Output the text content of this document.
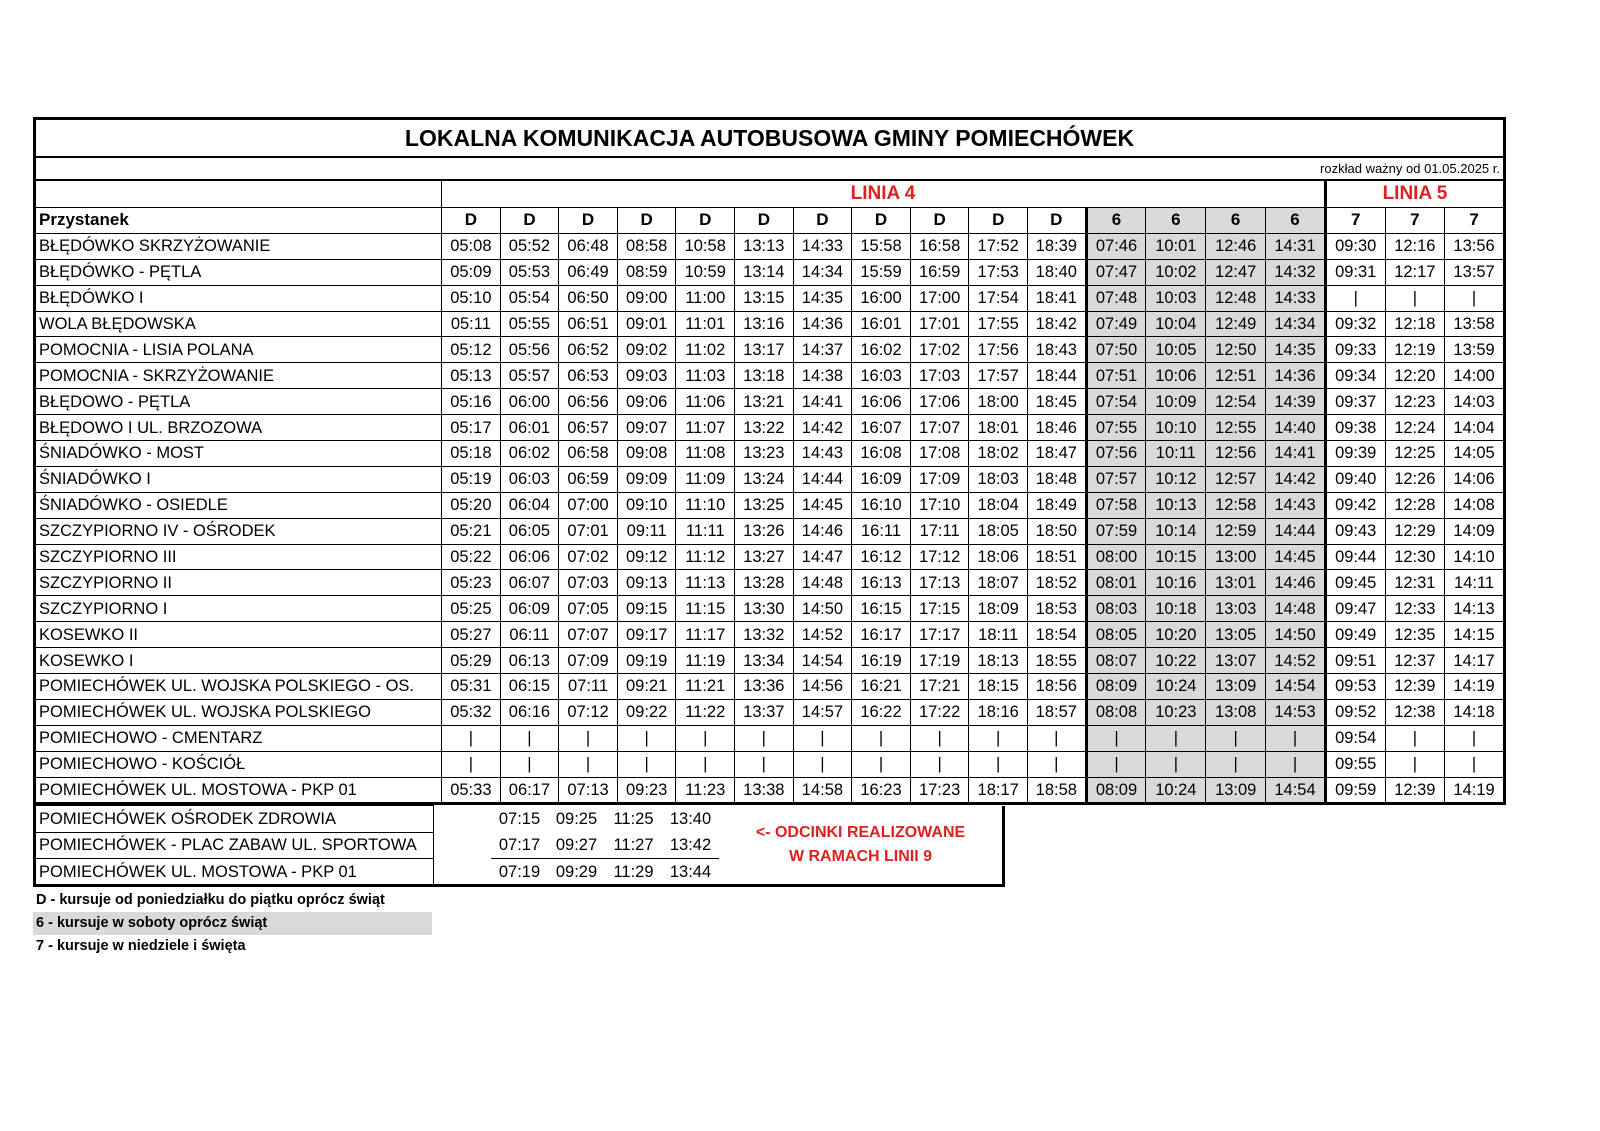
LOKALNA KOMUNIKACJA AUTOBUSOWA GMINY POMIECHÓWEK																		
rozkład ważny od 01.05.2025 r.																		
	LINIA 4															LINIA 5		
Przystanek	D	D	D	D	D	D	D	D	D	D	D	6	6	6	6	7	7	7
BŁĘDÓWKO SKRZYŻOWANIE	05:08	05:52	06:48	08:58	10:58	13:13	14:33	15:58	16:58	17:52	18:39	07:46	10:01	12:46	14:31	09:30	12:16	13:56
BŁĘDÓWKO - PĘTLA	05:09	05:53	06:49	08:59	10:59	13:14	14:34	15:59	16:59	17:53	18:40	07:47	10:02	12:47	14:32	09:31	12:17	13:57
BŁĘDÓWKO I	05:10	05:54	06:50	09:00	11:00	13:15	14:35	16:00	17:00	17:54	18:41	07:48	10:03	12:48	14:33	|	|	|
WOLA BŁĘDOWSKA	05:11	05:55	06:51	09:01	11:01	13:16	14:36	16:01	17:01	17:55	18:42	07:49	10:04	12:49	14:34	09:32	12:18	13:58
POMOCNIA - LISIA POLANA	05:12	05:56	06:52	09:02	11:02	13:17	14:37	16:02	17:02	17:56	18:43	07:50	10:05	12:50	14:35	09:33	12:19	13:59
POMOCNIA - SKRZYŻOWANIE	05:13	05:57	06:53	09:03	11:03	13:18	14:38	16:03	17:03	17:57	18:44	07:51	10:06	12:51	14:36	09:34	12:20	14:00
BŁĘDOWO - PĘTLA	05:16	06:00	06:56	09:06	11:06	13:21	14:41	16:06	17:06	18:00	18:45	07:54	10:09	12:54	14:39	09:37	12:23	14:03
BŁĘDOWO I UL. BRZOZOWA	05:17	06:01	06:57	09:07	11:07	13:22	14:42	16:07	17:07	18:01	18:46	07:55	10:10	12:55	14:40	09:38	12:24	14:04
ŚNIADÓWKO - MOST	05:18	06:02	06:58	09:08	11:08	13:23	14:43	16:08	17:08	18:02	18:47	07:56	10:11	12:56	14:41	09:39	12:25	14:05
ŚNIADÓWKO I	05:19	06:03	06:59	09:09	11:09	13:24	14:44	16:09	17:09	18:03	18:48	07:57	10:12	12:57	14:42	09:40	12:26	14:06
ŚNIADÓWKO - OSIEDLE	05:20	06:04	07:00	09:10	11:10	13:25	14:45	16:10	17:10	18:04	18:49	07:58	10:13	12:58	14:43	09:42	12:28	14:08
SZCZYPIORNO IV - OŚRODEK	05:21	06:05	07:01	09:11	11:11	13:26	14:46	16:11	17:11	18:05	18:50	07:59	10:14	12:59	14:44	09:43	12:29	14:09
SZCZYPIORNO III	05:22	06:06	07:02	09:12	11:12	13:27	14:47	16:12	17:12	18:06	18:51	08:00	10:15	13:00	14:45	09:44	12:30	14:10
SZCZYPIORNO II	05:23	06:07	07:03	09:13	11:13	13:28	14:48	16:13	17:13	18:07	18:52	08:01	10:16	13:01	14:46	09:45	12:31	14:11
SZCZYPIORNO I	05:25	06:09	07:05	09:15	11:15	13:30	14:50	16:15	17:15	18:09	18:53	08:03	10:18	13:03	14:48	09:47	12:33	14:13
KOSEWKO II	05:27	06:11	07:07	09:17	11:17	13:32	14:52	16:17	17:17	18:11	18:54	08:05	10:20	13:05	14:50	09:49	12:35	14:15
KOSEWKO I	05:29	06:13	07:09	09:19	11:19	13:34	14:54	16:19	17:19	18:13	18:55	08:07	10:22	13:07	14:52	09:51	12:37	14:17
POMIECHÓWEK UL. WOJSKA POLSKIEGO - OS.	05:31	06:15	07:11	09:21	11:21	13:36	14:56	16:21	17:21	18:15	18:56	08:09	10:24	13:09	14:54	09:53	12:39	14:19
POMIECHÓWEK UL. WOJSKA POLSKIEGO	05:32	06:16	07:12	09:22	11:22	13:37	14:57	16:22	17:22	18:16	18:57	08:08	10:23	13:08	14:53	09:52	12:38	14:18
POMIECHOWO - CMENTARZ	|	|	|	|	|	|	|	|	|	|	|	|	|	|	|	09:54	|	|
POMIECHOWO - KOŚCIÓŁ	|	|	|	|	|	|	|	|	|	|	|	|	|	|	|	09:55	|	|
POMIECHÓWEK UL. MOSTOWA - PKP 01	05:33	06:17	07:13	09:23	11:23	13:38	14:58	16:23	17:23	18:17	18:58	08:09	10:24	13:09	14:54	09:59	12:39	14:19
POMIECHÓWEK OŚRODEK ZDROWIA		07:15	09:25	11:25	13:40	<- ODCINKI REALIZOWANE
W RAMACH LINII 9
POMIECHÓWEK - PLAC ZABAW UL. SPORTOWA		07:17	09:27	11:27	13:42	
POMIECHÓWEK UL. MOSTOWA - PKP 01		07:19	09:29	11:29	13:44	
D - kursuje od poniedziałku do piątku oprócz świąt
6 - kursuje w soboty oprócz świąt
7 - kursuje w niedziele i święta
